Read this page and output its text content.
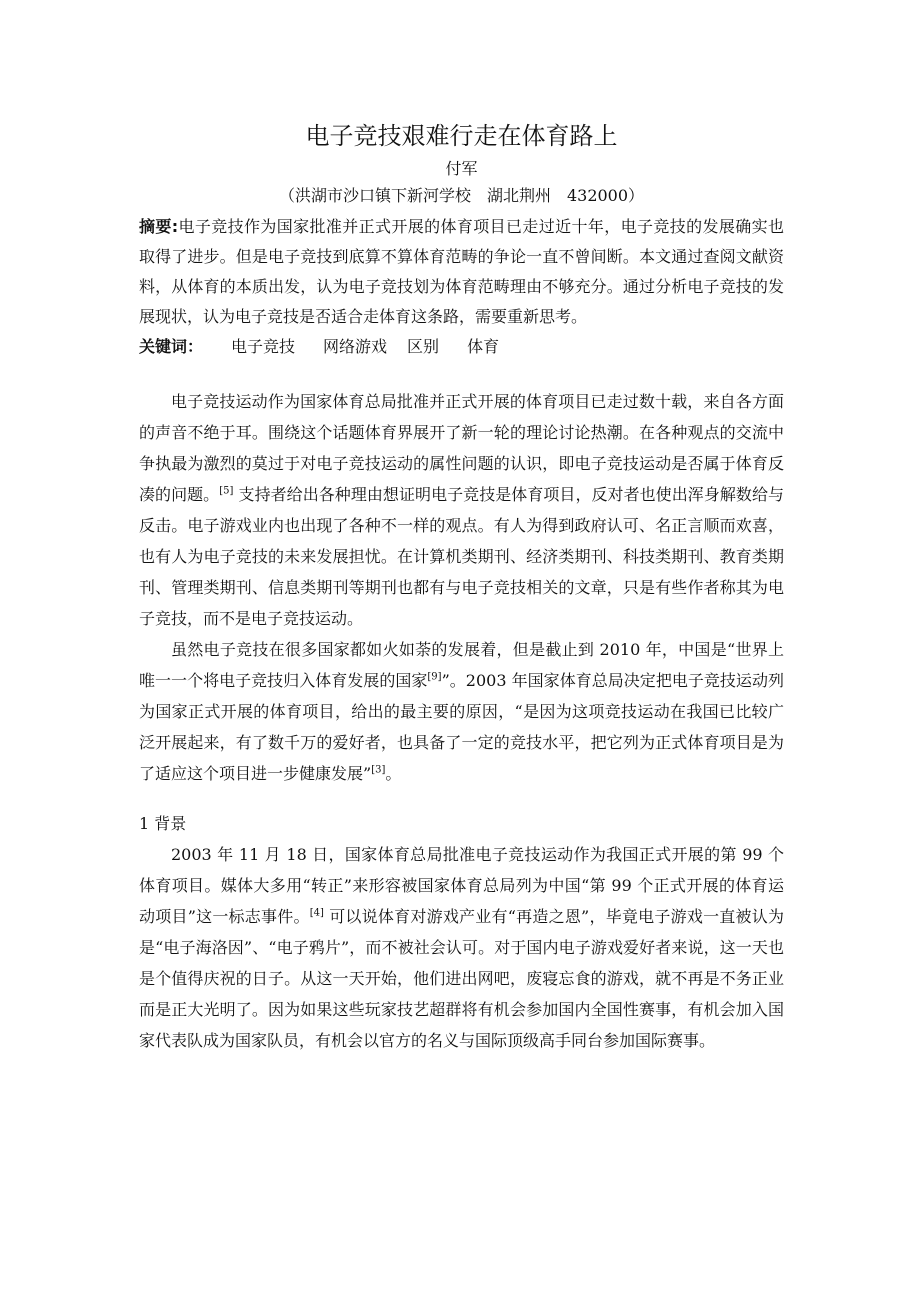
电子竞技艰难行走在体育路上
付军
（洪湖市沙口镇下新河学校　湖北荆州　432000）

摘要:电子竞技作为国家批准并正式开展的体育项目已走过近十年，电子竞技的发展确实也取得了进步。但是电子竞技到底算不算体育范畴的争论一直不曾间断。本文通过查阅文献资料，从体育的本质出发，认为电子竞技划为体育范畴理由不够充分。通过分析电子竞技的发展现状，认为电子竞技是否适合走体育这条路，需要重新思考。

关键词： 电子竞技 网络游戏 区别 体育

电子竞技运动作为国家体育总局批准并正式开展的体育项目已走过数十载，来自各方面的声音不绝于耳。围绕这个话题体育界展开了新一轮的理论讨论热潮。在各种观点的交流中争执最为激烈的莫过于对电子竞技运动的属性问题的认识，即电子竞技运动是否属于体育反凑的问题。[5] 支持者给出各种理由想证明电子竞技是体育项目，反对者也使出浑身解数给与反击。电子游戏业内也出现了各种不一样的观点。有人为得到政府认可、名正言顺而欢喜，也有人为电子竞技的未来发展担忧。在计算机类期刊、经济类期刊、科技类期刊、教育类期刊、管理类期刊、信息类期刊等期刊也都有与电子竞技相关的文章，只是有些作者称其为电子竞技，而不是电子竞技运动。

虽然电子竞技在很多国家都如火如荼的发展着，但是截止到 2010 年，中国是“世界上唯一一个将电子竞技归入体育发展的国家[9]”。2003 年国家体育总局决定把电子竞技运动列为国家正式开展的体育项目，给出的最主要的原因，“是因为这项竞技运动在我国已比较广泛开展起来，有了数千万的爱好者，也具备了一定的竞技水平，把它列为正式体育项目是为了适应这个项目进一步健康发展”[3]。

1 背景

2003 年 11 月 18 日，国家体育总局批准电子竞技运动作为我国正式开展的第 99 个体育项目。媒体大多用“转正”来形容被国家体育总局列为中国“第 99 个正式开展的体育运动项目”这一标志事件。[4] 可以说体育对游戏产业有“再造之恩”，毕竟电子游戏一直被认为是“电子海洛因”、“电子鸦片”，而不被社会认可。对于国内电子游戏爱好者来说，这一天也是个值得庆祝的日子。从这一天开始，他们进出网吧，废寝忘食的游戏，就不再是不务正业而是正大光明了。因为如果这些玩家技艺超群将有机会参加国内全国性赛事，有机会加入国家代表队成为国家队员，有机会以官方的名义与国际顶级高手同台参加国际赛事。
